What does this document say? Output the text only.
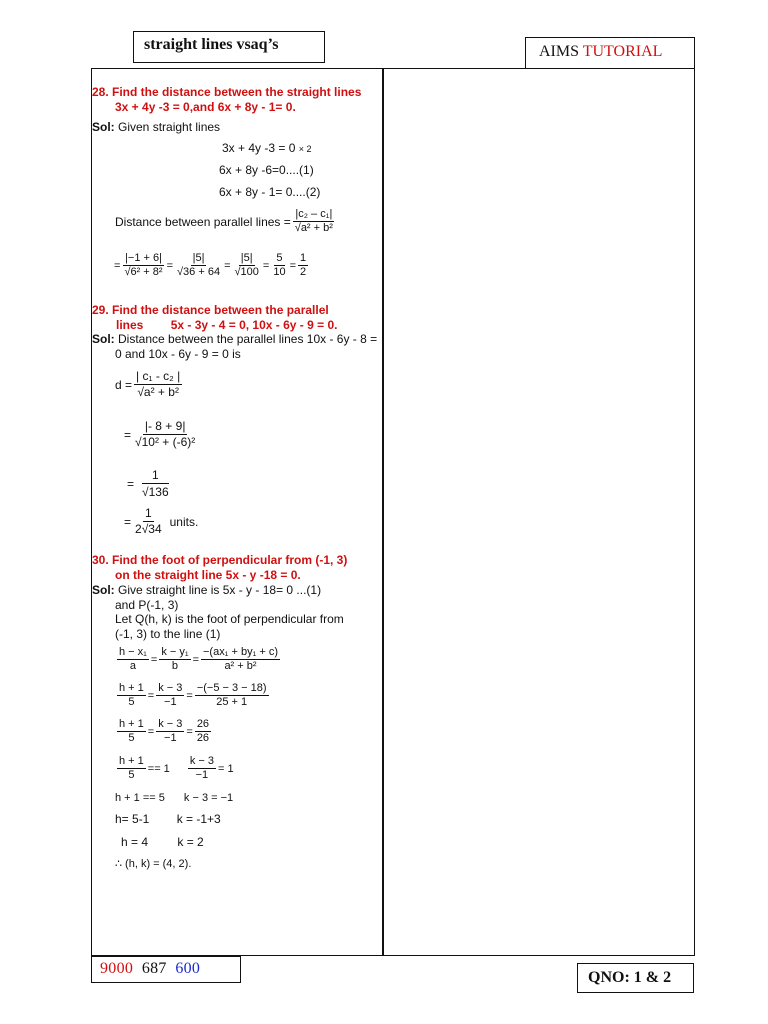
straight lines vsaq’s	AIMS TUTORIAL
9000 687 600
QNO: 1 & 2
28. Find the distance between the straight lines
3x + 4y -3 = 0,and 6x + 8y - 1= 0.
Sol: Given straight lines
3x + 4y -3 = 0 × 2
6x + 8y -6=0....(1)
6x + 8y - 1= 0....(2)
Distance between parallel lines = $\frac{\text{|c₂ – c₁|}}{\text{√a² + b²}}$
= $\frac{|-1 + 6|}{\text{√6² + 8²}} = \frac{|5|}{√36 + 64} = \frac{|5|}{√100} = \frac{5}{10} = \frac{1}{2}$
29. Find the distance between the parallel
lines 5x - 3y - 4 = 0, 10x - 6y - 9 = 0.
Sol: Distance between the parallel lines 10x - 6y - 8 =
0 and 10x - 6y - 9 = 0 is
$d = \frac{\text{| c₁ - c₂ |}}{\text{√a² + b²}}$
= $\frac{|- 8 + 9|}{\text{√10² + (-6)²}}$
= $\frac{1}{√136}$
= $\frac{1}{2√34}$ units.
30. Find the foot of perpendicular from (-1, 3)
on the straight line 5x - y -18 = 0.
Sol: Give straight line is 5x - y - 18= 0 ...(1)
and P(-1, 3)
Let Q(h, k) is the foot of perpendicular from
(-1, 3) to the line (1)
$\frac{\text{h − x₁}}{a} = \frac{\text{k − y₁}}{b} = \frac{\text{−(ax₁ + by₁ + c)}}{\text{a² + b²}}$
$\frac{h + 1}{5} = \frac{k - 3}{-1} = \frac{-(-5 - 3 - 18)}{25 + 1}$
$\frac{h + 1}{5} = \frac{k - 3}{-1} = \frac{26}{26}$
$\frac{h + 1}{5} == 1 \frac{k - 3}{-1} = 1$
h + 1 == 5 k − 3 = −1
h= 5-1 k = -1+3
h = 4 k = 2
∴ (h, k) = (4, 2).
